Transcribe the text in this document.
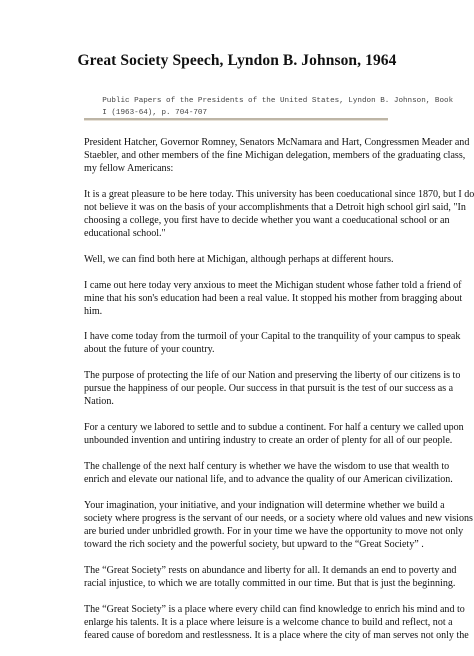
Great Society Speech, Lyndon B. Johnson, 1964

Public Papers of the Presidents of the United States, Lyndon B. Johnson, Book
I (1963-64), p. 704-707

President Hatcher, Governor Romney, Senators McNamara and Hart, Congressmen Meader and
Staebler, and other members of the fine Michigan delegation, members of the graduating class,
my fellow Americans:

It is a great pleasure to be here today. This university has been coeducational since 1870, but I do
not believe it was on the basis of your accomplishments that a Detroit high school girl said, "In
choosing a college, you first have to decide whether you want a coeducational school or an
educational school."

Well, we can find both here at Michigan, although perhaps at different hours.

I came out here today very anxious to meet the Michigan student whose father told a friend of
mine that his son's education had been a real value. It stopped his mother from bragging about
him.

I have come today from the turmoil of your Capital to the tranquility of your campus to speak
about the future of your country.

The purpose of protecting the life of our Nation and preserving the liberty of our citizens is to
pursue the happiness of our people. Our success in that pursuit is the test of our success as a
Nation.

For a century we labored to settle and to subdue a continent. For half a century we called upon
unbounded invention and untiring industry to create an order of plenty for all of our people.

The challenge of the next half century is whether we have the wisdom to use that wealth to
enrich and elevate our national life, and to advance the quality of our American civilization.

Your imagination, your initiative, and your indignation will determine whether we build a
society where progress is the servant of our needs, or a society where old values and new visions
are buried under unbridled growth. For in your time we have the opportunity to move not only
toward the rich society and the powerful society, but upward to the “Great Society” .

The “Great Society” rests on abundance and liberty for all. It demands an end to poverty and
racial injustice, to which we are totally committed in our time. But that is just the beginning.

The “Great Society” is a place where every child can find knowledge to enrich his mind and to
enlarge his talents. It is a place where leisure is a welcome chance to build and reflect, not a
feared cause of boredom and restlessness. It is a place where the city of man serves not only the
